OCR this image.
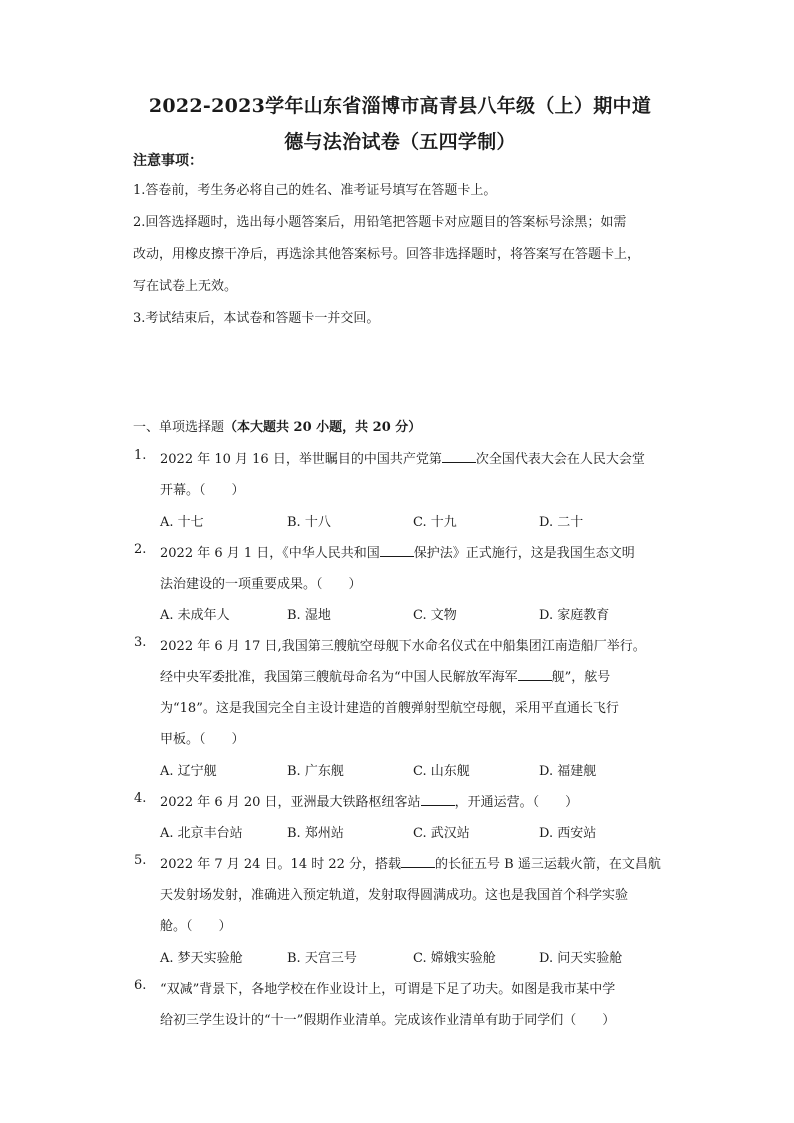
2022-2023学年山东省淄博市高青县八年级（上）期中道
德与法治试卷（五四学制）
注意事项：
1.答卷前，考生务必将自己的姓名、准考证号填写在答题卡上。
2.回答选择题时，选出每小题答案后，用铅笔把答题卡对应题目的答案标号涂黑；如需
改动，用橡皮擦干净后，再选涂其他答案标号。回答非选择题时，将答案写在答题卡上，
写在试卷上无效。
3.考试结束后，本试卷和答题卡一并交回。
一、单项选择题（本大题共 20 小题，共 20 分）
1. 2022 年 10 月 16 日，举世瞩目的中国共产党第	次全国代表大会在人民大会堂
开幕。（　　）
A. 十七	B. 十八	C. 十九	D. 二十
2. 2022 年 6 月 1 日，《中华人民共和国	保护法》正式施行，这是我国生态文明
法治建设的一项重要成果。（　　）
A. 未成年人	B. 湿地	C. 文物	D. 家庭教育
3. 2022 年 6 月 17 日,我国第三艘航空母舰下水命名仪式在中船集团江南造船厂举行。
经中央军委批准，我国第三艘航母命名为“中国人民解放军海军	舰”，舷号
为“18”。这是我国完全自主设计建造的首艘弹射型航空母舰，采用平直通长飞行
甲板。（　　）
A. 辽宁舰	B. 广东舰	C. 山东舰	D. 福建舰
4. 2022 年 6 月 20 日，亚洲最大铁路枢纽客站	，开通运营。（　　）
A. 北京丰台站	B. 郑州站	C. 武汉站	D. 西安站
5. 2022 年 7 月 24 日。14 时 22 分，搭载	的长征五号 B 遥三运载火箭，在文昌航
天发射场发射，准确进入预定轨道，发射取得圆满成功。这也是我国首个科学实验
舱。（　　）
A. 梦天实验舱	B. 天宫三号	C. 嫦娥实验舱	D. 问天实验舱
6. “双减”背景下，各地学校在作业设计上，可谓是下足了功夫。如图是我市某中学
给初三学生设计的“十一”假期作业清单。完成该作业清单有助于同学们（　　）
